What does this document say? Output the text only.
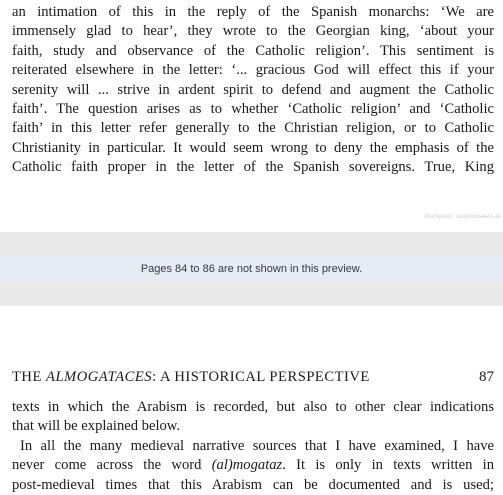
an intimation of this in the reply of the Spanish monarchs: ‘We are
immensely glad to hear’, they wrote to the Georgian king, ‘about your
faith, study and observance of the Catholic religion’. This sentiment is
reiterated elsewhere in the letter: ‘... gracious God will effect this if your
serenity will ... strive in ardent spirit to defend and augment the Catholic
faith’. The question arises as to whether ‘Catholic religion’ and ‘Catholic
faith’ in this letter refer generally to the Christian religion, or to Catholic
Christianity in particular. It would seem wrong to deny the emphasis of the
Catholic faith proper in the letter of the Spanish sovereigns. True, King
Материал, защищенный ав
Pages 84 to 86 are not shown in this preview.
THE ALMOGATACES: A HISTORICAL PERSPECTIVE	87
texts in which the Arabism is recorded, but also to other clear indications
that will be explained below.
In all the many medieval narrative sources that I have examined, I have
never come across the word (al)mogataz. It is only in texts written in
post-medieval times that this Arabism can be documented and is used;
